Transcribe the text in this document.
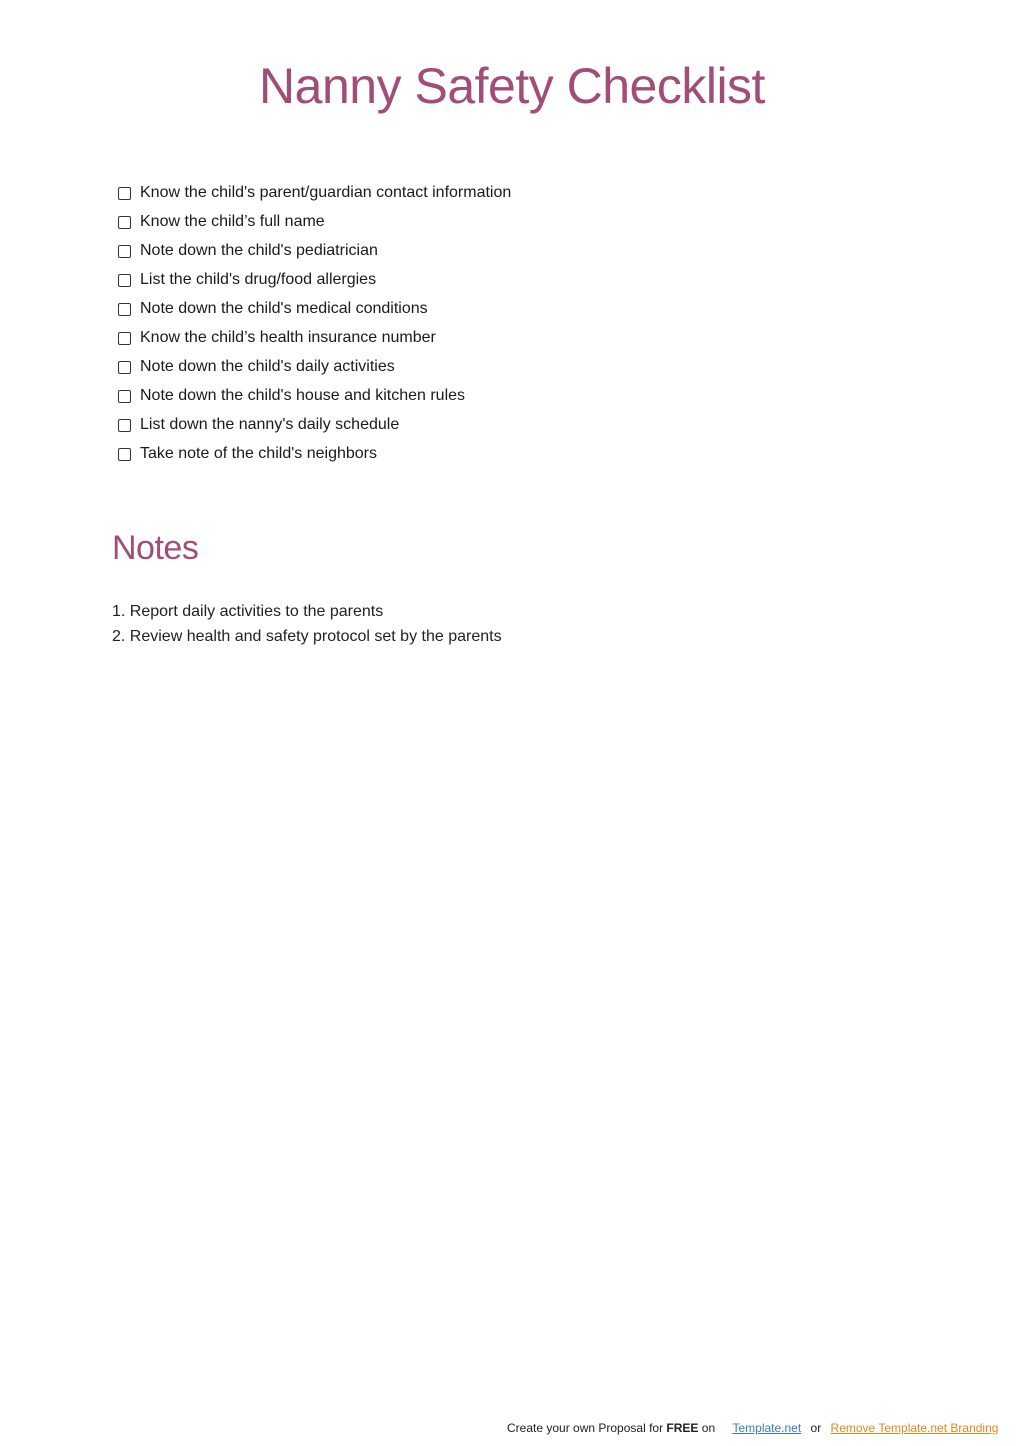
Nanny Safety Checklist
Know the child's parent/guardian contact information
Know the child’s full name
Note down the child's pediatrician
List the child's drug/food allergies
Note down the child's medical conditions
Know the child’s health insurance number
Note down the child's daily activities
Note down the child's house and kitchen rules
List down the nanny's daily schedule
Take note of the child's neighbors
Notes
1. Report daily activities to the parents
2. Review health and safety protocol set by the parents
Create your own Proposal for FREE on Template.net or Remove Template.net Branding
